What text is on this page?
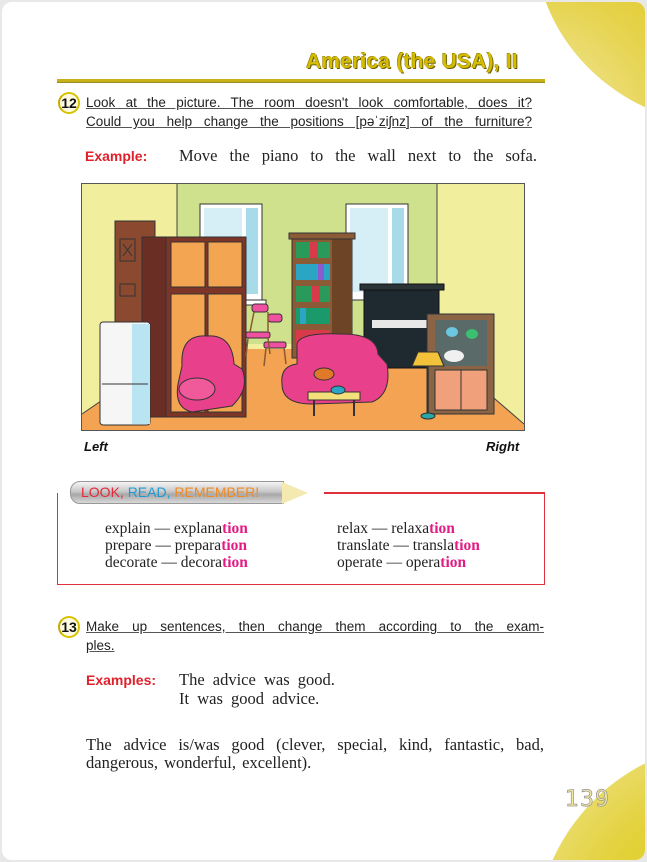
America (the USA), II
12 Look at the picture. The room doesn't look comfortable, does it?
Could you help change the positions [pəˈziʃnz] of the furniture?
Example: Move the piano to the wall next to the sofa.
Left	Right
LOOK, READ, REMEMBER!
explain — explanation
prepare — preparation
decorate — decoration
relax — relaxation
translate — translation
operate — operation
13 Make up sentences, then change them according to the exam-
ples.
Examples: The advice was good.
It was good advice.
The advice is/was good (clever, special, kind, fantastic, bad,
dangerous, wonderful, excellent).
139
